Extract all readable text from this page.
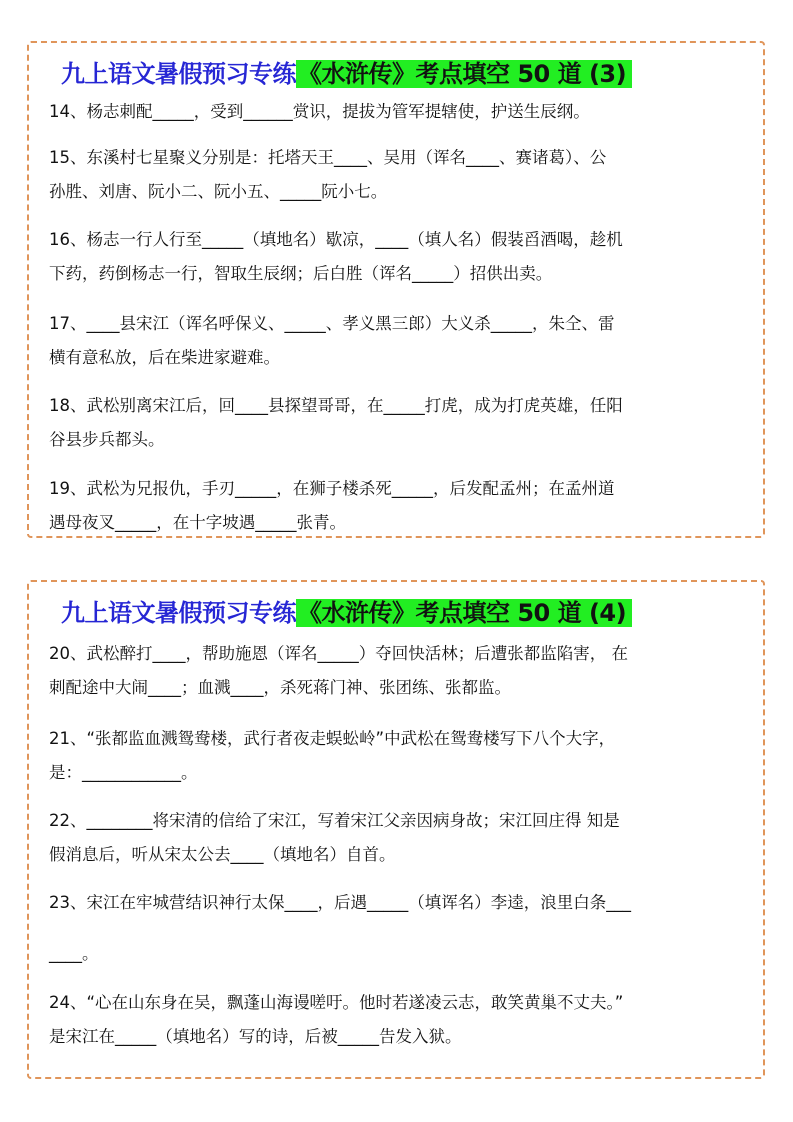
九上语文暑假预习专练《水浒传》考点填空 50 道 (3)

14、杨志刺配_____，受到______赏识，提拔为管军提辖使，护送生辰纲。

15、东溪村七星聚义分别是：托塔天王____、吴用（诨名____、赛诸葛）、公

孙胜、刘唐、阮小二、阮小五、_____阮小七。

16、杨志一行人行至_____（填地名）歇凉，____（填人名）假装舀酒喝，趁机

下药，药倒杨志一行，智取生辰纲；后白胜（诨名_____）招供出卖。

17、____县宋江（诨名呼保义、_____、孝义黑三郎）大义杀_____，朱仝、雷

横有意私放，后在柴进家避难。

18、武松别离宋江后，回____县探望哥哥，在_____打虎，成为打虎英雄，任阳

谷县步兵都头。

19、武松为兄报仇，手刃_____，在狮子楼杀死_____，后发配孟州；在孟州道

遇母夜叉_____，在十字坡遇_____张青。

九上语文暑假预习专练《水浒传》考点填空 50 道 (4)

20、武松醉打____，帮助施恩（诨名_____）夺回快活林；后遭张都监陷害， 在

刺配途中大闹____；血溅____，杀死蒋门神、张团练、张都监。

21、“张都监血溅鸳鸯楼，武行者夜走蜈蚣岭”中武松在鸳鸯楼写下八个大字，

是：____________。

22、________将宋清的信给了宋江，写着宋江父亲因病身故；宋江回庄得 知是

假消息后，听从宋太公去____（填地名）自首。

23、宋江在牢城营结识神行太保____，后遇_____（填诨名）李逵，浪里白条___

____。

24、“心在山东身在吴，飘蓬山海谩嗟吁。他时若遂凌云志，敢笑黄巢不丈夫。”

是宋江在_____（填地名）写的诗，后被_____告发入狱。
